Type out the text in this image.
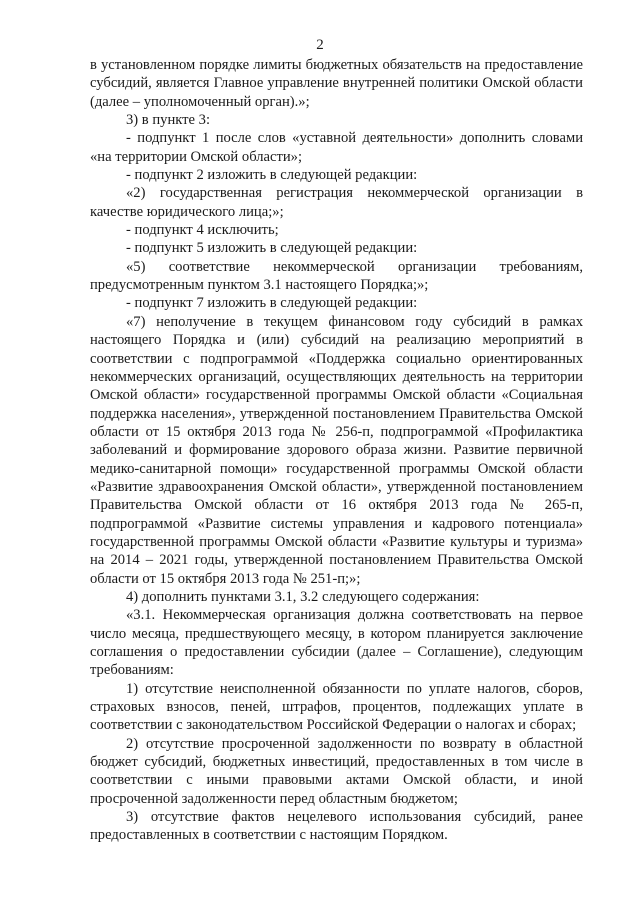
2

в установленном порядке лимиты бюджетных обязательств на предоставление субсидий, является Главное управление внутренней политики Омской области (далее – уполномоченный орган).»;

3) в пункте 3:

- подпункт 1 после слов «уставной деятельности» дополнить словами «на территории Омской области»;

- подпункт 2 изложить в следующей редакции:

«2) государственная регистрация некоммерческой организации в качестве юридического лица;»;

- подпункт 4 исключить;

- подпункт 5 изложить в следующей редакции:

«5) соответствие некоммерческой организации требованиям, предусмотренным пунктом 3.1 настоящего Порядка;»;

- подпункт 7 изложить в следующей редакции:

«7) неполучение в текущем финансовом году субсидий в рамках настоящего Порядка и (или) субсидий на реализацию мероприятий в соответствии с подпрограммой «Поддержка социально ориентированных некоммерческих организаций, осуществляющих деятельность на территории Омской области» государственной программы Омской области «Социальная поддержка населения», утвержденной постановлением Правительства Омской области от 15 октября 2013 года № 256-п, подпрограммой «Профилактика заболеваний и формирование здорового образа жизни. Развитие первичной медико-санитарной помощи» государственной программы Омской области «Развитие здравоохранения Омской области», утвержденной постановлением Правительства Омской области от 16 октября 2013 года № 265-п, подпрограммой «Развитие системы управления и кадрового потенциала» государственной программы Омской области «Развитие культуры и туризма» на 2014 – 2021 годы, утвержденной постановлением Правительства Омской области от 15 октября 2013 года № 251-п;»;

4) дополнить пунктами 3.1, 3.2 следующего содержания:

«3.1. Некоммерческая организация должна соответствовать на первое число месяца, предшествующего месяцу, в котором планируется заключение соглашения о предоставлении субсидии (далее – Соглашение), следующим требованиям:

1) отсутствие неисполненной обязанности по уплате налогов, сборов, страховых взносов, пеней, штрафов, процентов, подлежащих уплате в соответствии с законодательством Российской Федерации о налогах и сборах;

2) отсутствие просроченной задолженности по возврату в областной бюджет субсидий, бюджетных инвестиций, предоставленных в том числе в соответствии с иными правовыми актами Омской области, и иной просроченной задолженности перед областным бюджетом;

3) отсутствие фактов нецелевого использования субсидий, ранее предоставленных в соответствии с настоящим Порядком.
